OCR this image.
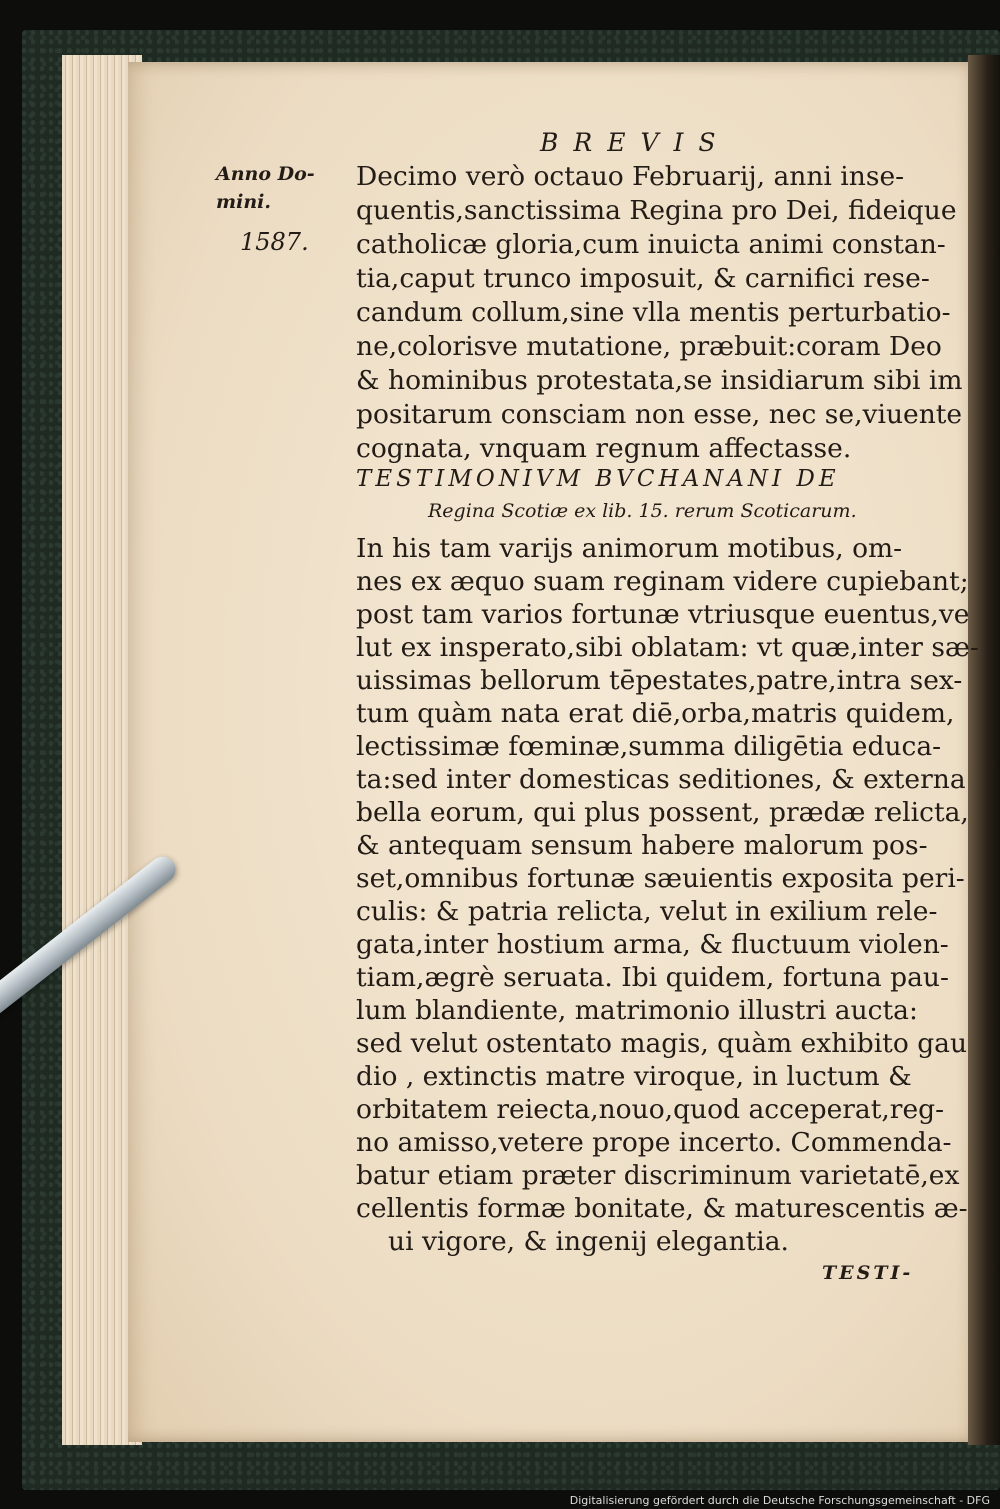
BREVIS
Anno Do-
mini.
1587.
Decimo verò octauo Februarij, anni inse-
quentis,sanctissima Regina pro Dei, fideique
catholicæ gloria,cum inuicta animi constan-
tia,caput trunco imposuit, & carnifici rese-
candum collum,sine vlla mentis perturbatio-
ne,colorisve mutatione, præbuit:coram Deo
& hominibus protestata,se insidiarum sibi im
positarum consciam non esse, nec se,viuente
cognata, vnquam regnum affectasse.
TESTIMONIVM BVCHANANI DE
Regina Scotiæ ex lib. 15. rerum Scoticarum.
In his tam varijs animorum motibus, om-
nes ex æquo suam reginam videre cupiebant;
post tam varios fortunæ vtriusque euentus,ve
lut ex insperato,sibi oblatam: vt quæ,inter sæ-
uissimas bellorum tēpestates,patre,intra sex-
tum quàm nata erat diē,orba,matris quidem,
lectissimæ fœminæ,summa diligētia educa-
ta:sed inter domesticas seditiones, & externa
bella eorum, qui plus possent, prædæ relicta,
& antequam sensum habere malorum pos-
set,omnibus fortunæ sæuientis exposita peri-
culis: & patria relicta, velut in exilium rele-
gata,inter hostium arma, & fluctuum violen-
tiam,ægrè seruata. Ibi quidem, fortuna pau-
lum blandiente, matrimonio illustri aucta:
sed velut ostentato magis, quàm exhibito gau
dio , extinctis matre viroque, in luctum &
orbitatem reiecta,nouo,quod acceperat,reg-
no amisso,vetere prope incerto. Commenda-
batur etiam præter discriminum varietatē,ex
cellentis formæ bonitate, & maturescentis æ-
ui vigore, & ingenij elegantia.
TESTI-
Digitalisierung gefördert durch die Deutsche Forschungsgemeinschaft - DFG
